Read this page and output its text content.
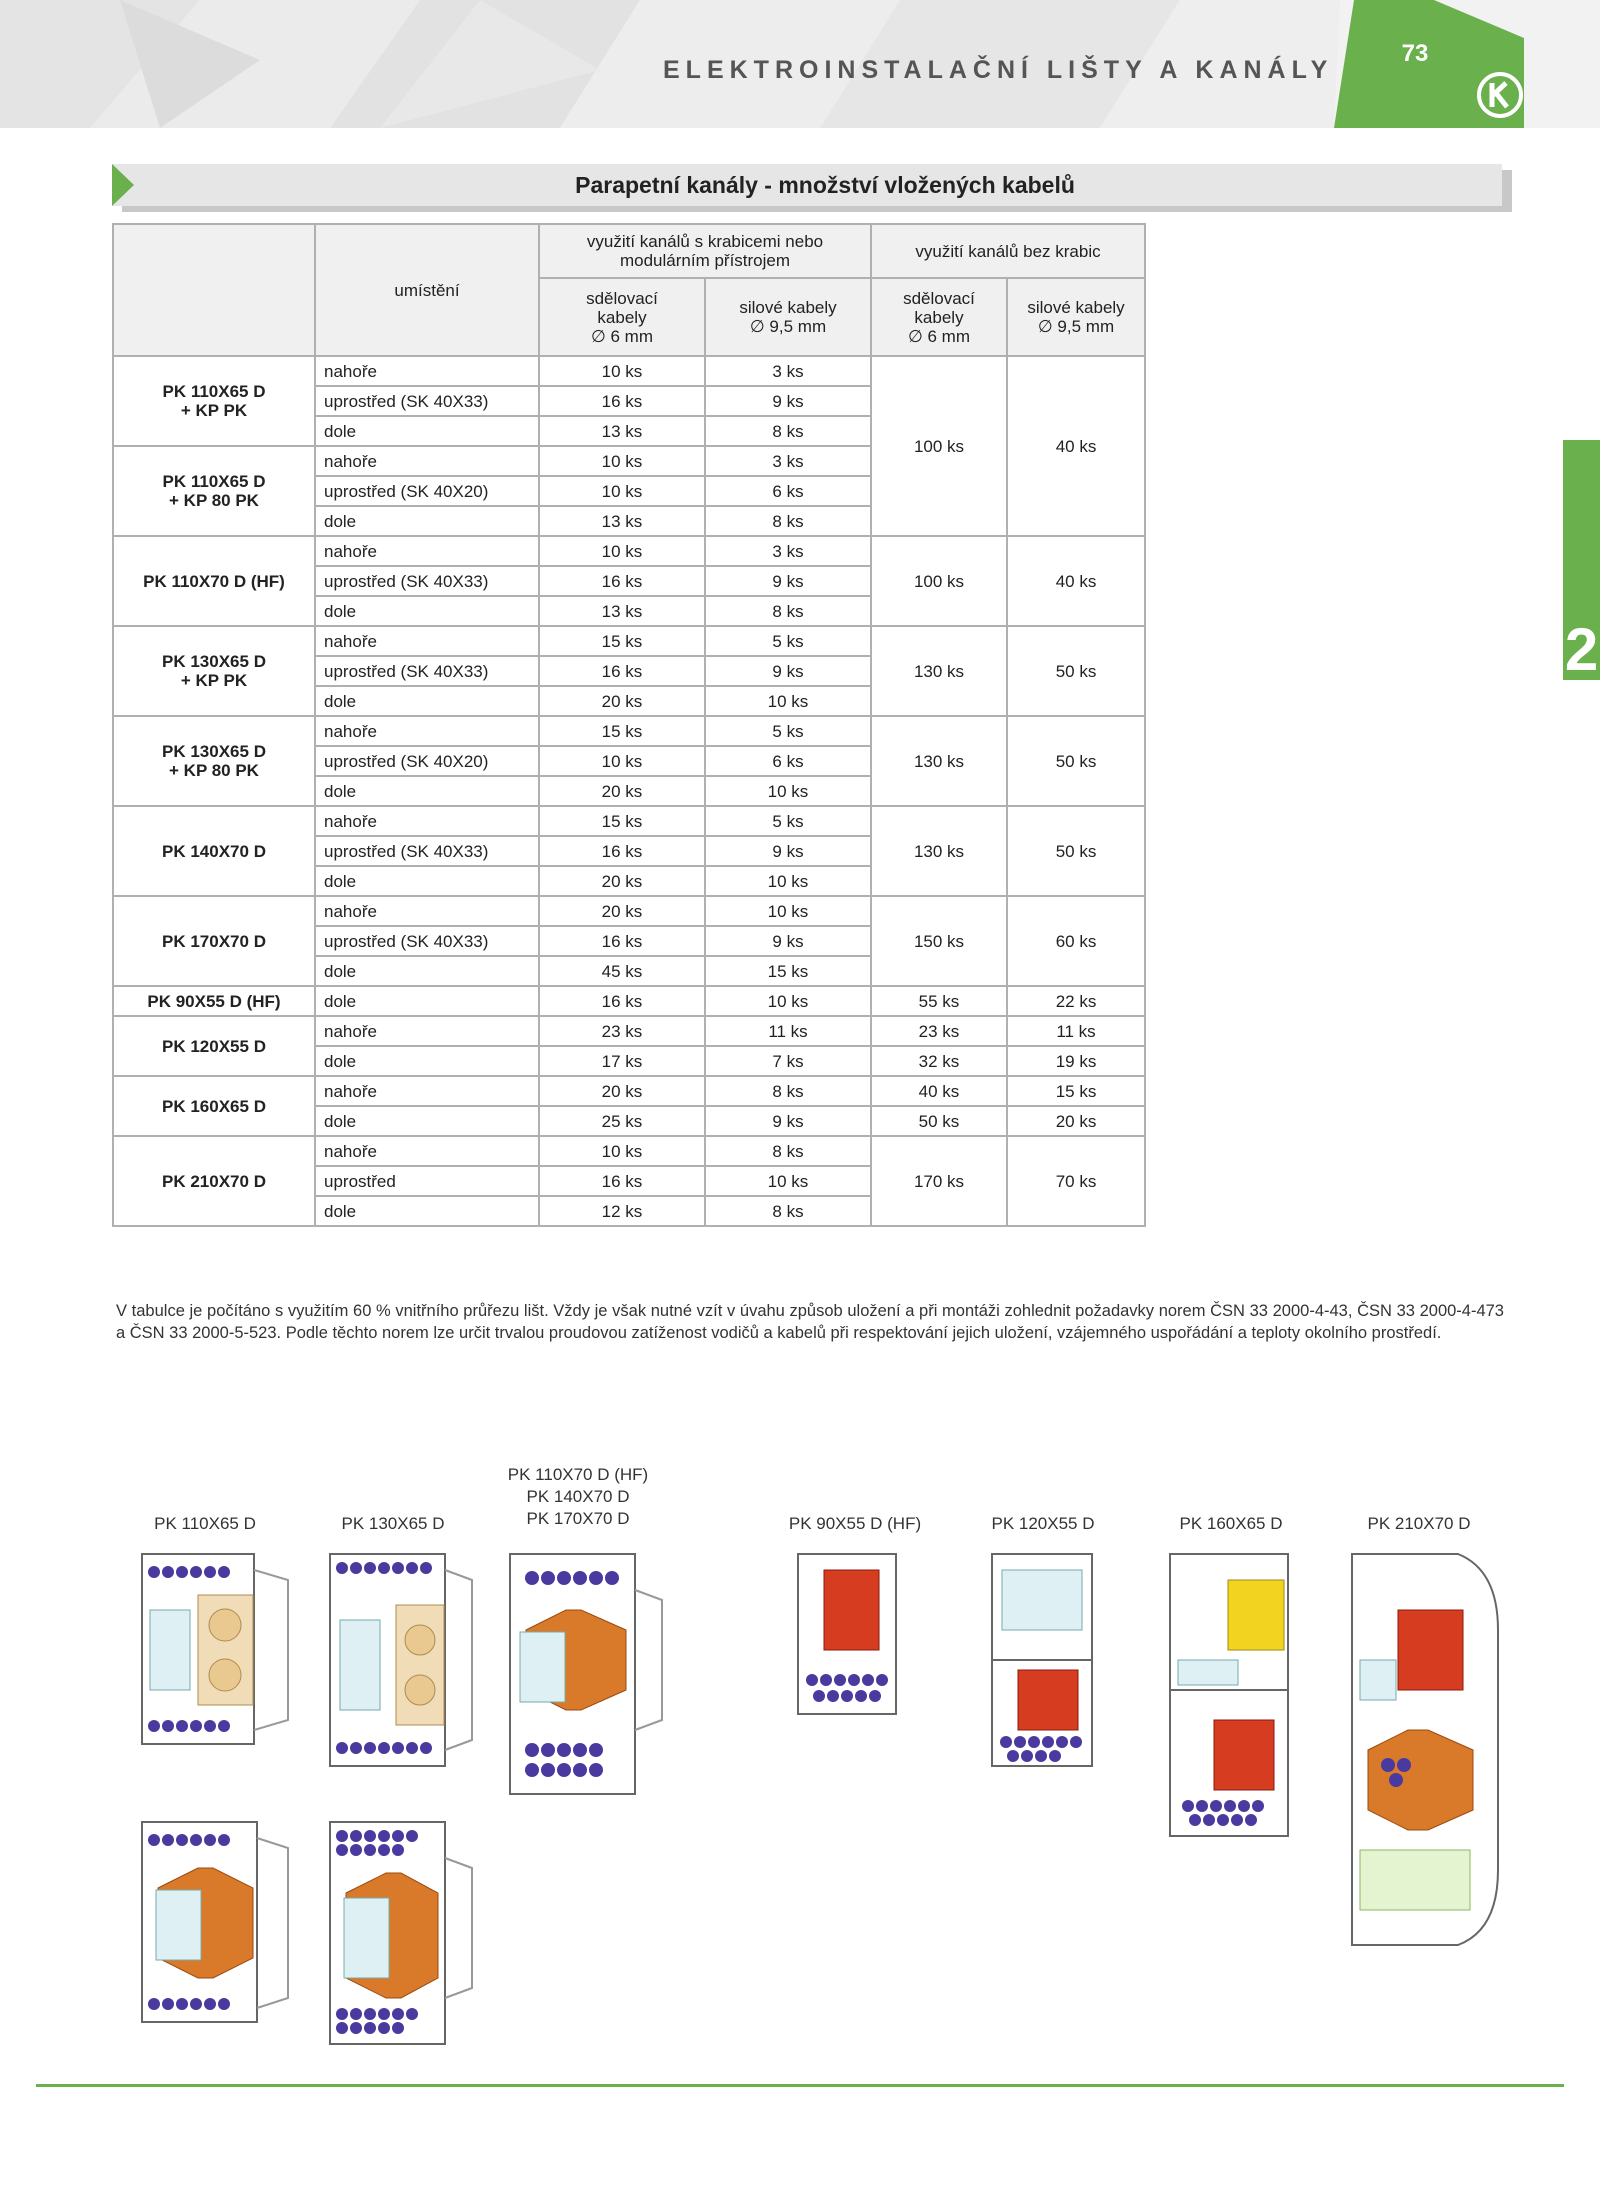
ELEKTROINSTALAČNÍ LIŠTY A KANÁLY
73
2
Parapetní kanály - množství vložených kabelů
	umístění	využití kanálů s krabicemi nebo modulárním přístrojem		využití kanálů bez krabic	
		sdělovací
kabely
∅ 6 mm	silové kabely
∅ 9,5 mm	sdělovací
kabely
∅ 6 mm	silové kabely
∅ 9,5 mm
PK 110X65 D
+ KP PK	nahoře	10 ks	3 ks	100 ks	40 ks
	uprostřed (SK 40X33)	16 ks	9 ks		
	dole	13 ks	8 ks		
PK 110X65 D
+ KP 80 PK	nahoře	10 ks	3 ks		
	uprostřed (SK 40X20)	10 ks	6 ks		
	dole	13 ks	8 ks		
PK 110X70 D (HF)	nahoře	10 ks	3 ks	100 ks	40 ks
	uprostřed (SK 40X33)	16 ks	9 ks		
	dole	13 ks	8 ks		
PK 130X65 D
+ KP PK	nahoře	15 ks	5 ks	130 ks	50 ks
	uprostřed (SK 40X33)	16 ks	9 ks		
	dole	20 ks	10 ks		
PK 130X65 D
+ KP 80 PK	nahoře	15 ks	5 ks	130 ks	50 ks
	uprostřed (SK 40X20)	10 ks	6 ks		
	dole	20 ks	10 ks		
PK 140X70 D	nahoře	15 ks	5 ks	130 ks	50 ks
	uprostřed (SK 40X33)	16 ks	9 ks		
	dole	20 ks	10 ks		
PK 170X70 D	nahoře	20 ks	10 ks	150 ks	60 ks
	uprostřed (SK 40X33)	16 ks	9 ks		
	dole	45 ks	15 ks		
PK 90X55 D (HF)	dole	16 ks	10 ks	55 ks	22 ks
PK 120X55 D	nahoře	23 ks	11 ks	23 ks	11 ks
	dole	17 ks	7 ks	32 ks	19 ks
PK 160X65 D	nahoře	20 ks	8 ks	40 ks	15 ks
	dole	25 ks	9 ks	50 ks	20 ks
PK 210X70 D	nahoře	10 ks	8 ks	170 ks	70 ks
	uprostřed	16 ks	10 ks		
	dole	12 ks	8 ks		
V tabulce je počítáno s využitím 60 % vnitřního průřezu lišt. Vždy je však nutné vzít v úvahu způsob uložení a při montáži zohlednit požadavky norem ČSN 33 2000-4-43, ČSN 33 2000-4-473 a ČSN 33 2000-5-523. Podle těchto norem lze určit trvalou proudovou zatíženost vodičů a kabelů při respektování jejich uložení, vzájemného uspořádání a teploty okolního prostředí.
PK 110X65 D	PK 130X65 D
PK 110X70 D (HF)
PK 140X70 D
PK 170X70 D	PK 90X55 D (HF)	PK 120X55 D	PK 160X65 D	PK 210X70 D
